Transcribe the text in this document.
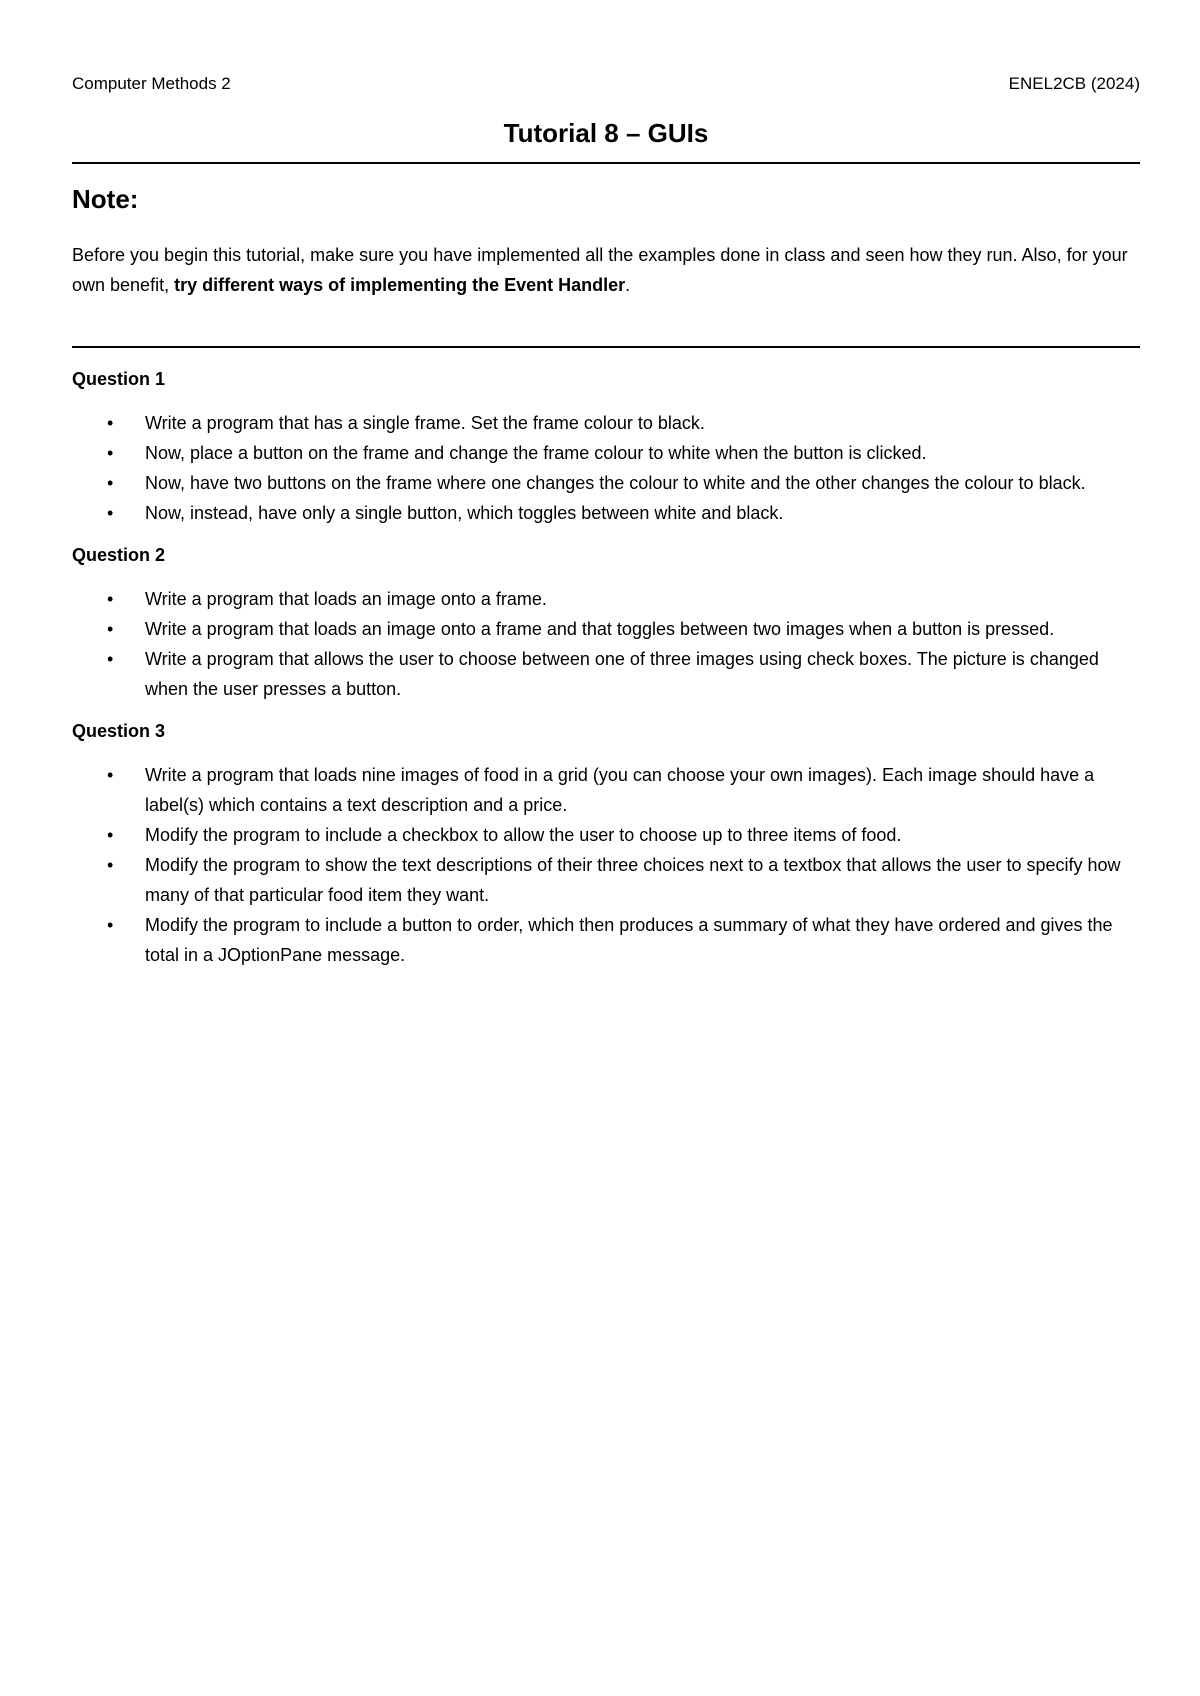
Computer Methods 2	ENEL2CB (2024)
Tutorial 8 – GUIs
Note:
Before you begin this tutorial, make sure you have implemented all the examples done in class and seen how they run. Also, for your own benefit, try different ways of implementing the Event Handler.
Question 1
• Write a program that has a single frame. Set the frame colour to black.
• Now, place a button on the frame and change the frame colour to white when the button is clicked.
• Now, have two buttons on the frame where one changes the colour to white and the other changes the colour to black.
• Now, instead, have only a single button, which toggles between white and black.
Question 2
• Write a program that loads an image onto a frame.
• Write a program that loads an image onto a frame and that toggles between two images when a button is pressed.
• Write a program that allows the user to choose between one of three images using check boxes. The picture is changed when the user presses a button.
Question 3
• Write a program that loads nine images of food in a grid (you can choose your own images). Each image should have a label(s) which contains a text description and a price.
• Modify the program to include a checkbox to allow the user to choose up to three items of food.
• Modify the program to show the text descriptions of their three choices next to a textbox that allows the user to specify how many of that particular food item they want.
• Modify the program to include a button to order, which then produces a summary of what they have ordered and gives the total in a JOptionPane message.
